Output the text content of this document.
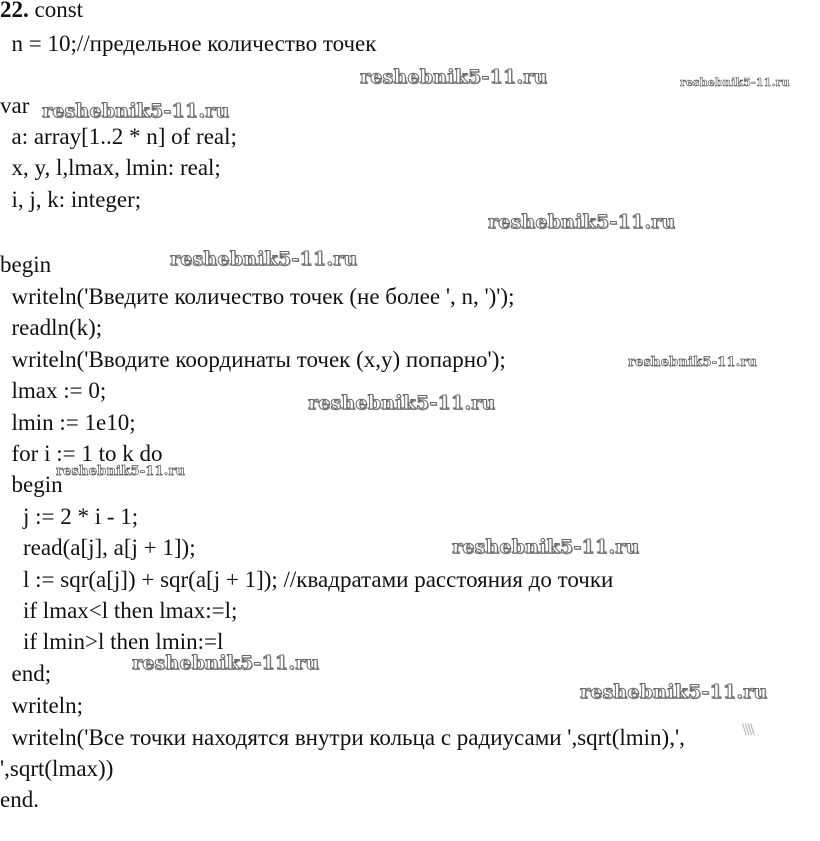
22. const
n = 10;//предельное количество точек
var
a: array[1..2 * n] of real;
x, y, l,lmax, lmin: real;
i, j, k: integer;
begin
writeln('Введите количество точек (не более ', n, ')');
readln(k);
writeln('Вводите координаты точек (x,y) попарно');
lmax := 0;
lmin := 1e10;
for i := 1 to k do
begin
j := 2 * i - 1;
read(a[j], a[j + 1]);
l := sqr(a[j]) + sqr(a[j + 1]); //квадратами расстояния до точки
if lmax<l then lmax:=l;
if lmin>l then lmin:=l
end;
writeln;
writeln('Все точки находятся внутри кольца с радиусами ',sqrt(lmin),',
',sqrt(lmax))
end.
reshebnik5-11.ru	reshebnik5-11.ru
reshebnik5-11.ru
reshebnik5-11.ru
reshebnik5-11.ru
reshebnik5-11.ru
reshebnik5-11.ru
reshebnik5-11.ru
reshebnik5-11.ru
reshebnik5-11.ru
reshebnik5-11.ru
\\\\
